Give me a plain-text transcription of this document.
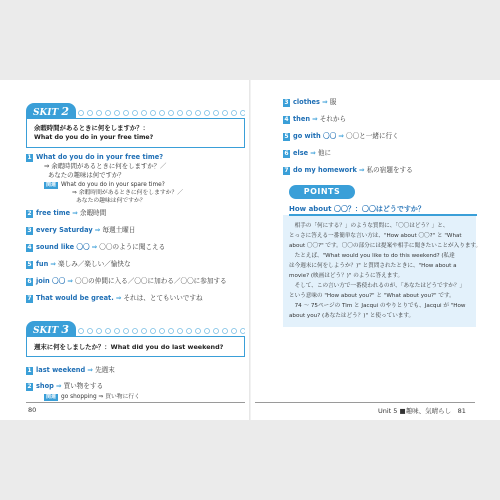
SKIT 2
余暇時間があるときに何をしますか？：
What do you do in your free time?
1 What do you do in your free time?
⇒ 余暇時間があるときに何をしますか？／
あなたの趣味は何ですか？
関連 What do you do in your spare time?
⇒ 余暇時間があるときに何をしますか？／
あなたの趣味は何ですか？
2 free time ⇒ 余暇時間
3 every Saturday ⇒ 毎週土曜日
4 sound like 〇〇 ⇒ 〇〇のように聞こえる
5 fun ⇒ 楽しみ／楽しい／愉快な
6 join 〇〇 ⇒ 〇〇の仲間に入る／〇〇に加わる／〇〇に参加する
7 That would be great. ⇒ それは、とてもいいですね
SKIT 3
週末に何をしましたか？：What did you do last weekend?
1 last weekend ⇒ 先週末
2 shop ⇒ 買い物をする
関連 go shopping ⇒ 買い物に行く
80
3 clothes ⇒ 服
4 then ⇒ それから
5 go with 〇〇 ⇒ 〇〇と一緒に行く
6 else ⇒ 他に
7 do my homework ⇒ 私の宿題をする
POINTS
How about 〇〇？：〇〇はどうですか？
　相手の「何にする？」のような質問に、「〇〇はどう？」と、
とっさに答える一番簡単な言い方は、"How about 〇〇?" と "What
about 〇〇?" です。〇〇の部分には提案や相手に聞きたいことが入ります。
　たとえば、"What would you like to do this weekend? (私達
は今週末に何をしようか？)" と質問されたときに、"How about a
movie? (映画はどう？)" のように答えます。
　そして、この言い方で一番使われるのが、「あなたはどうですか？」
という意味の "How about you?" と "What about you?" です。
　74 ～ 75ページの Tim と Jacqui のやりとりでも、Jacqui が "How
about you? (あなたはどう？)" と使っています。
Unit 5 ■趣味、気晴らし　81
